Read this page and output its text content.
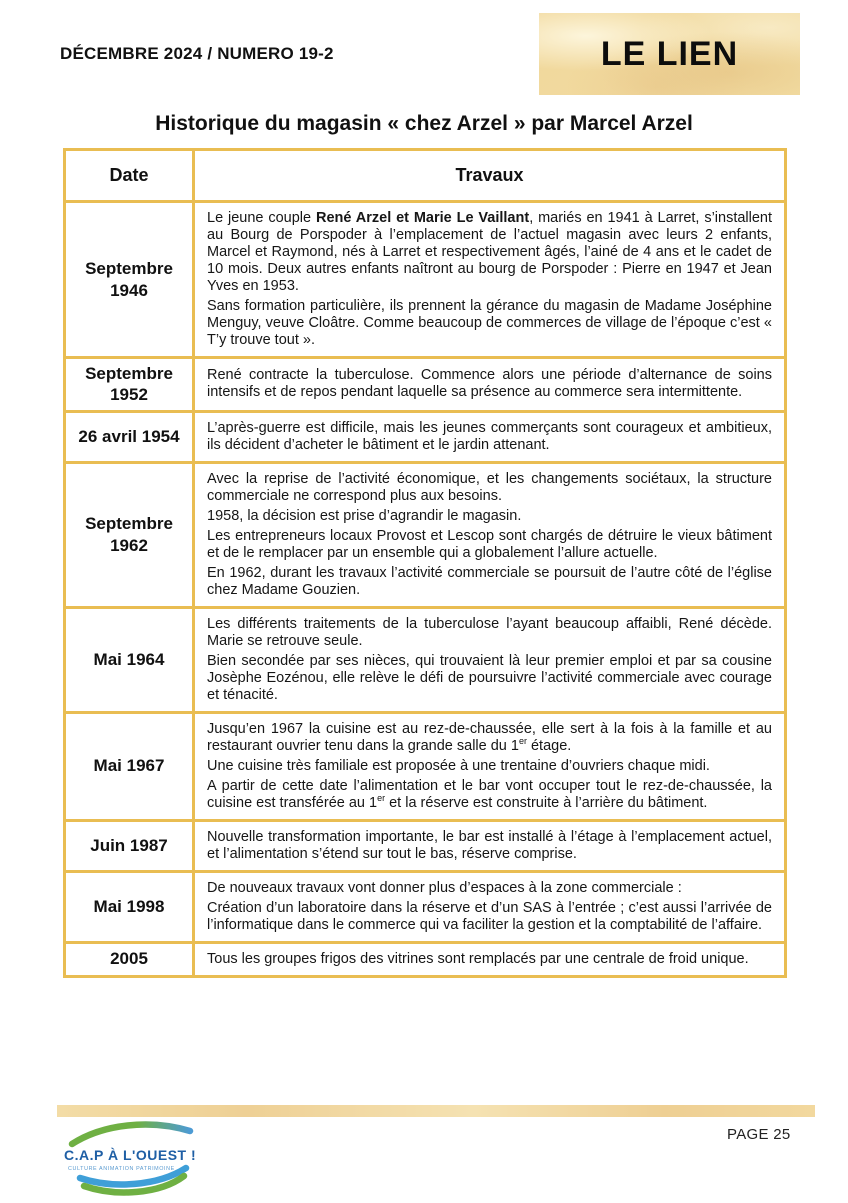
DÉCEMBRE 2024 / NUMERO 19-2	LE LIEN
Historique du magasin « chez Arzel » par Marcel Arzel
Date	Travaux
Septembre 1946	Le jeune couple René Arzel et Marie Le Vaillant, mariés en 1941 à Larret, s’installent au Bourg de Porspoder à l’emplacement de l’actuel magasin avec leurs 2 enfants, Marcel et Raymond, nés à Larret et respectivement âgés, l’ainé de 4 ans et le cadet de 10 mois. Deux autres enfants naîtront au bourg de Porspoder : Pierre en 1947 et Jean Yves en 1953.

Sans formation particulière, ils prennent la gérance du magasin de Madame Joséphine Menguy, veuve Cloâtre. Comme beaucoup de commerces de village de l’époque c’est « T’y trouve tout ».

Septembre 1952	René contracte la tuberculose. Commence alors une période d’alternance de soins intensifs et de repos pendant laquelle sa présence au commerce sera intermittente.

26 avril 1954	L’après-guerre est difficile, mais les jeunes commerçants sont courageux et ambitieux, ils décident d’acheter le bâtiment et le jardin attenant.

Septembre 1962	Avec la reprise de l’activité économique, et les changements sociétaux, la structure commerciale ne correspond plus aux besoins.

1958, la décision est prise d’agrandir le magasin.

Les entrepreneurs locaux Provost et Lescop sont chargés de détruire le vieux bâtiment et de le remplacer par un ensemble qui a globalement l’allure actuelle.

En 1962, durant les travaux l’activité commerciale se poursuit de l’autre côté de l’église chez Madame Gouzien.

Mai 1964	Les différents traitements de la tuberculose l’ayant beaucoup affaibli, René décède. Marie se retrouve seule.

Bien secondée par ses nièces, qui trouvaient là leur premier emploi et par sa cousine Josèphe Eozénou, elle relève le défi de poursuivre l’activité commerciale avec courage et ténacité.

Mai 1967	Jusqu’en 1967 la cuisine est au rez-de-chaussée, elle sert à la fois à la famille et au restaurant ouvrier tenu dans la grande salle du 1er étage.

Une cuisine très familiale est proposée à une trentaine d’ouvriers chaque midi.

A partir de cette date l’alimentation et le bar vont occuper tout le rez-de-chaussée, la cuisine est transférée au 1er et la réserve est construite à l’arrière du bâtiment.

Juin 1987	Nouvelle transformation importante, le bar est installé à l’étage à l’emplacement actuel, et l’alimentation s’étend sur tout le bas, réserve comprise.

Mai 1998	De nouveaux travaux vont donner plus d’espaces à la zone commerciale :

Création d’un laboratoire dans la réserve et d’un SAS à l’entrée ; c’est aussi l’arrivée de l’informatique dans le commerce qui va faciliter la gestion et la comptabilité de l’affaire.

2005	Tous les groupes frigos des vitrines sont remplacés par une centrale de froid unique.

C.A.P À L'OUEST !
CULTURE ANIMATION PATRIMOINE
PAGE 25
